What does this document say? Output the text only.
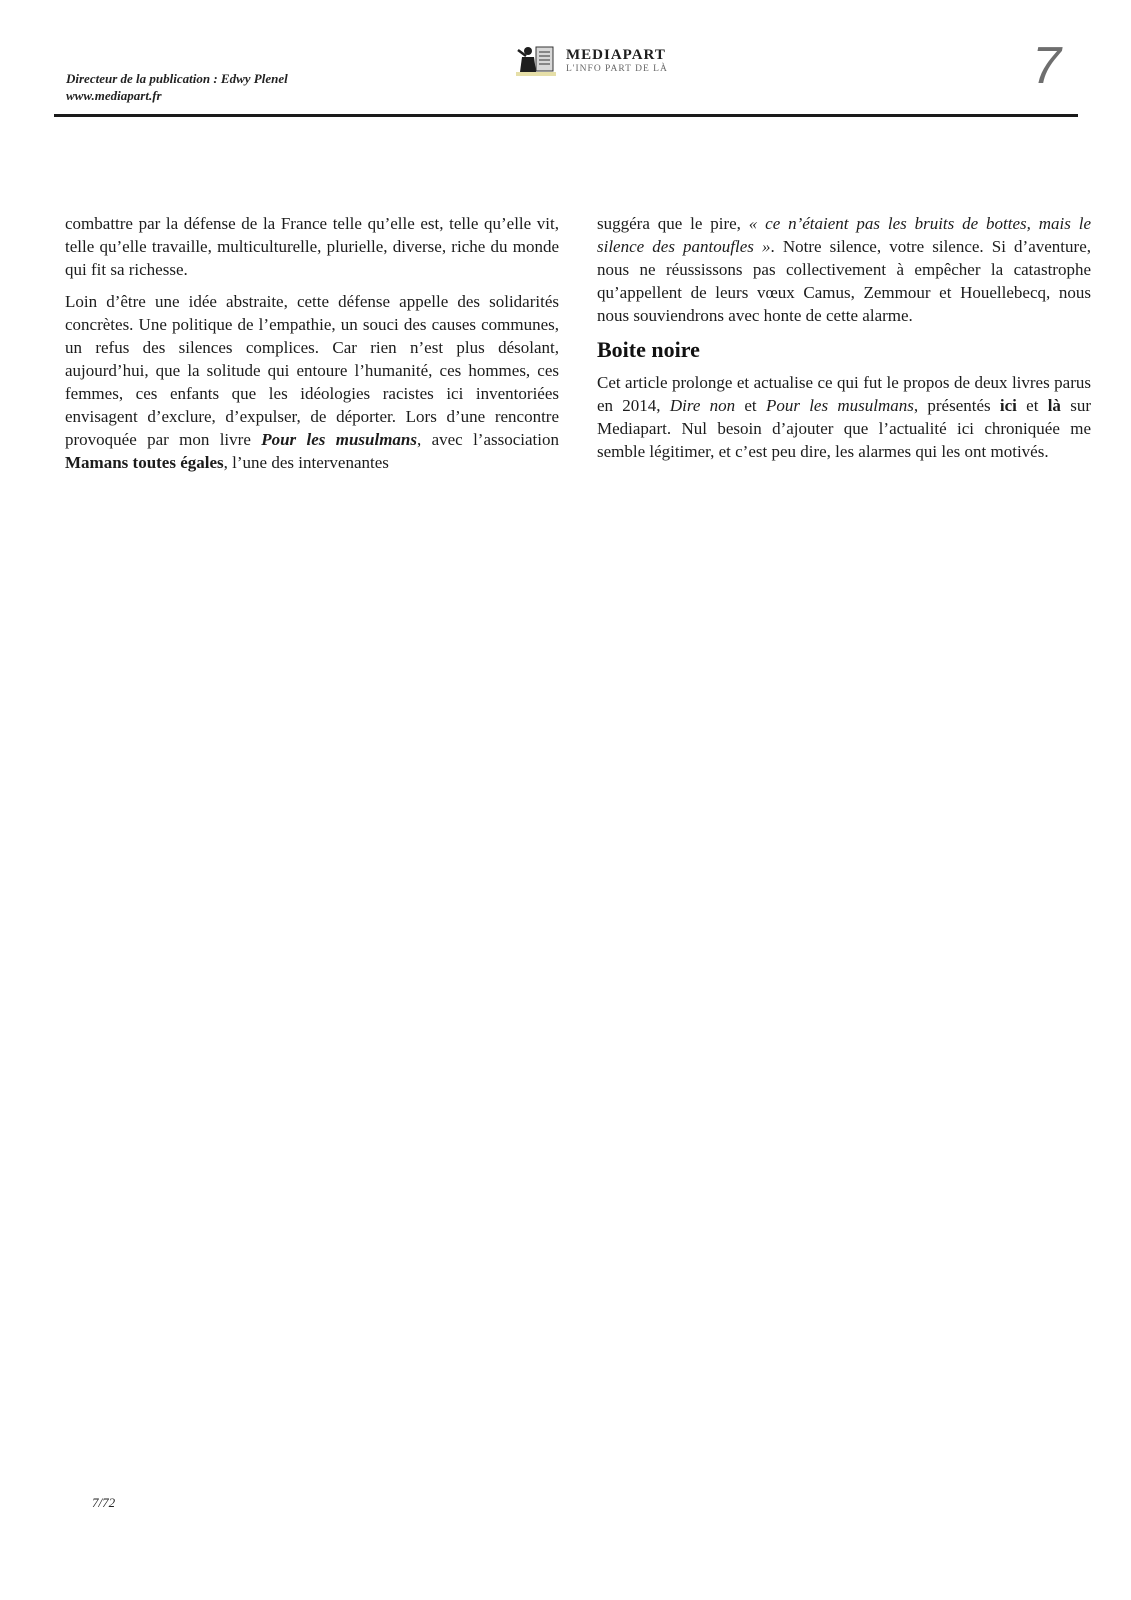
Directeur de la publication : Edwy Plenel
www.mediapart.fr
MEDIAPART
L'INFO PART DE LÀ	7

combattre par la défense de la France telle qu’elle est, telle qu’elle vit, telle qu’elle travaille, multiculturelle, plurielle, diverse, riche du monde qui fit sa richesse.

Loin d’être une idée abstraite, cette défense appelle des solidarités concrètes. Une politique de l’empathie, un souci des causes communes, un refus des silences complices. Car rien n’est plus désolant, aujourd’hui, que la solitude qui entoure l’humanité, ces hommes, ces femmes, ces enfants que les idéologies racistes ici inventoriées envisagent d’exclure, d’expulser, de déporter. Lors d’une rencontre provoquée par mon livre Pour les musulmans, avec l’association Mamans toutes égales, l’une des intervenantes

suggéra que le pire, « ce n’étaient pas les bruits de bottes, mais le silence des pantoufles ». Notre silence, votre silence. Si d’aventure, nous ne réussissons pas collectivement à empêcher la catastrophe qu’appellent de leurs vœux Camus, Zemmour et Houellebecq, nous nous souviendrons avec honte de cette alarme.

Boite noire

Cet article prolonge et actualise ce qui fut le propos de deux livres parus en 2014, Dire non et Pour les musulmans, présentés ici et là sur Mediapart. Nul besoin d’ajouter que l’actualité ici chroniquée me semble légitimer, et c’est peu dire, les alarmes qui les ont motivés.

7/72
